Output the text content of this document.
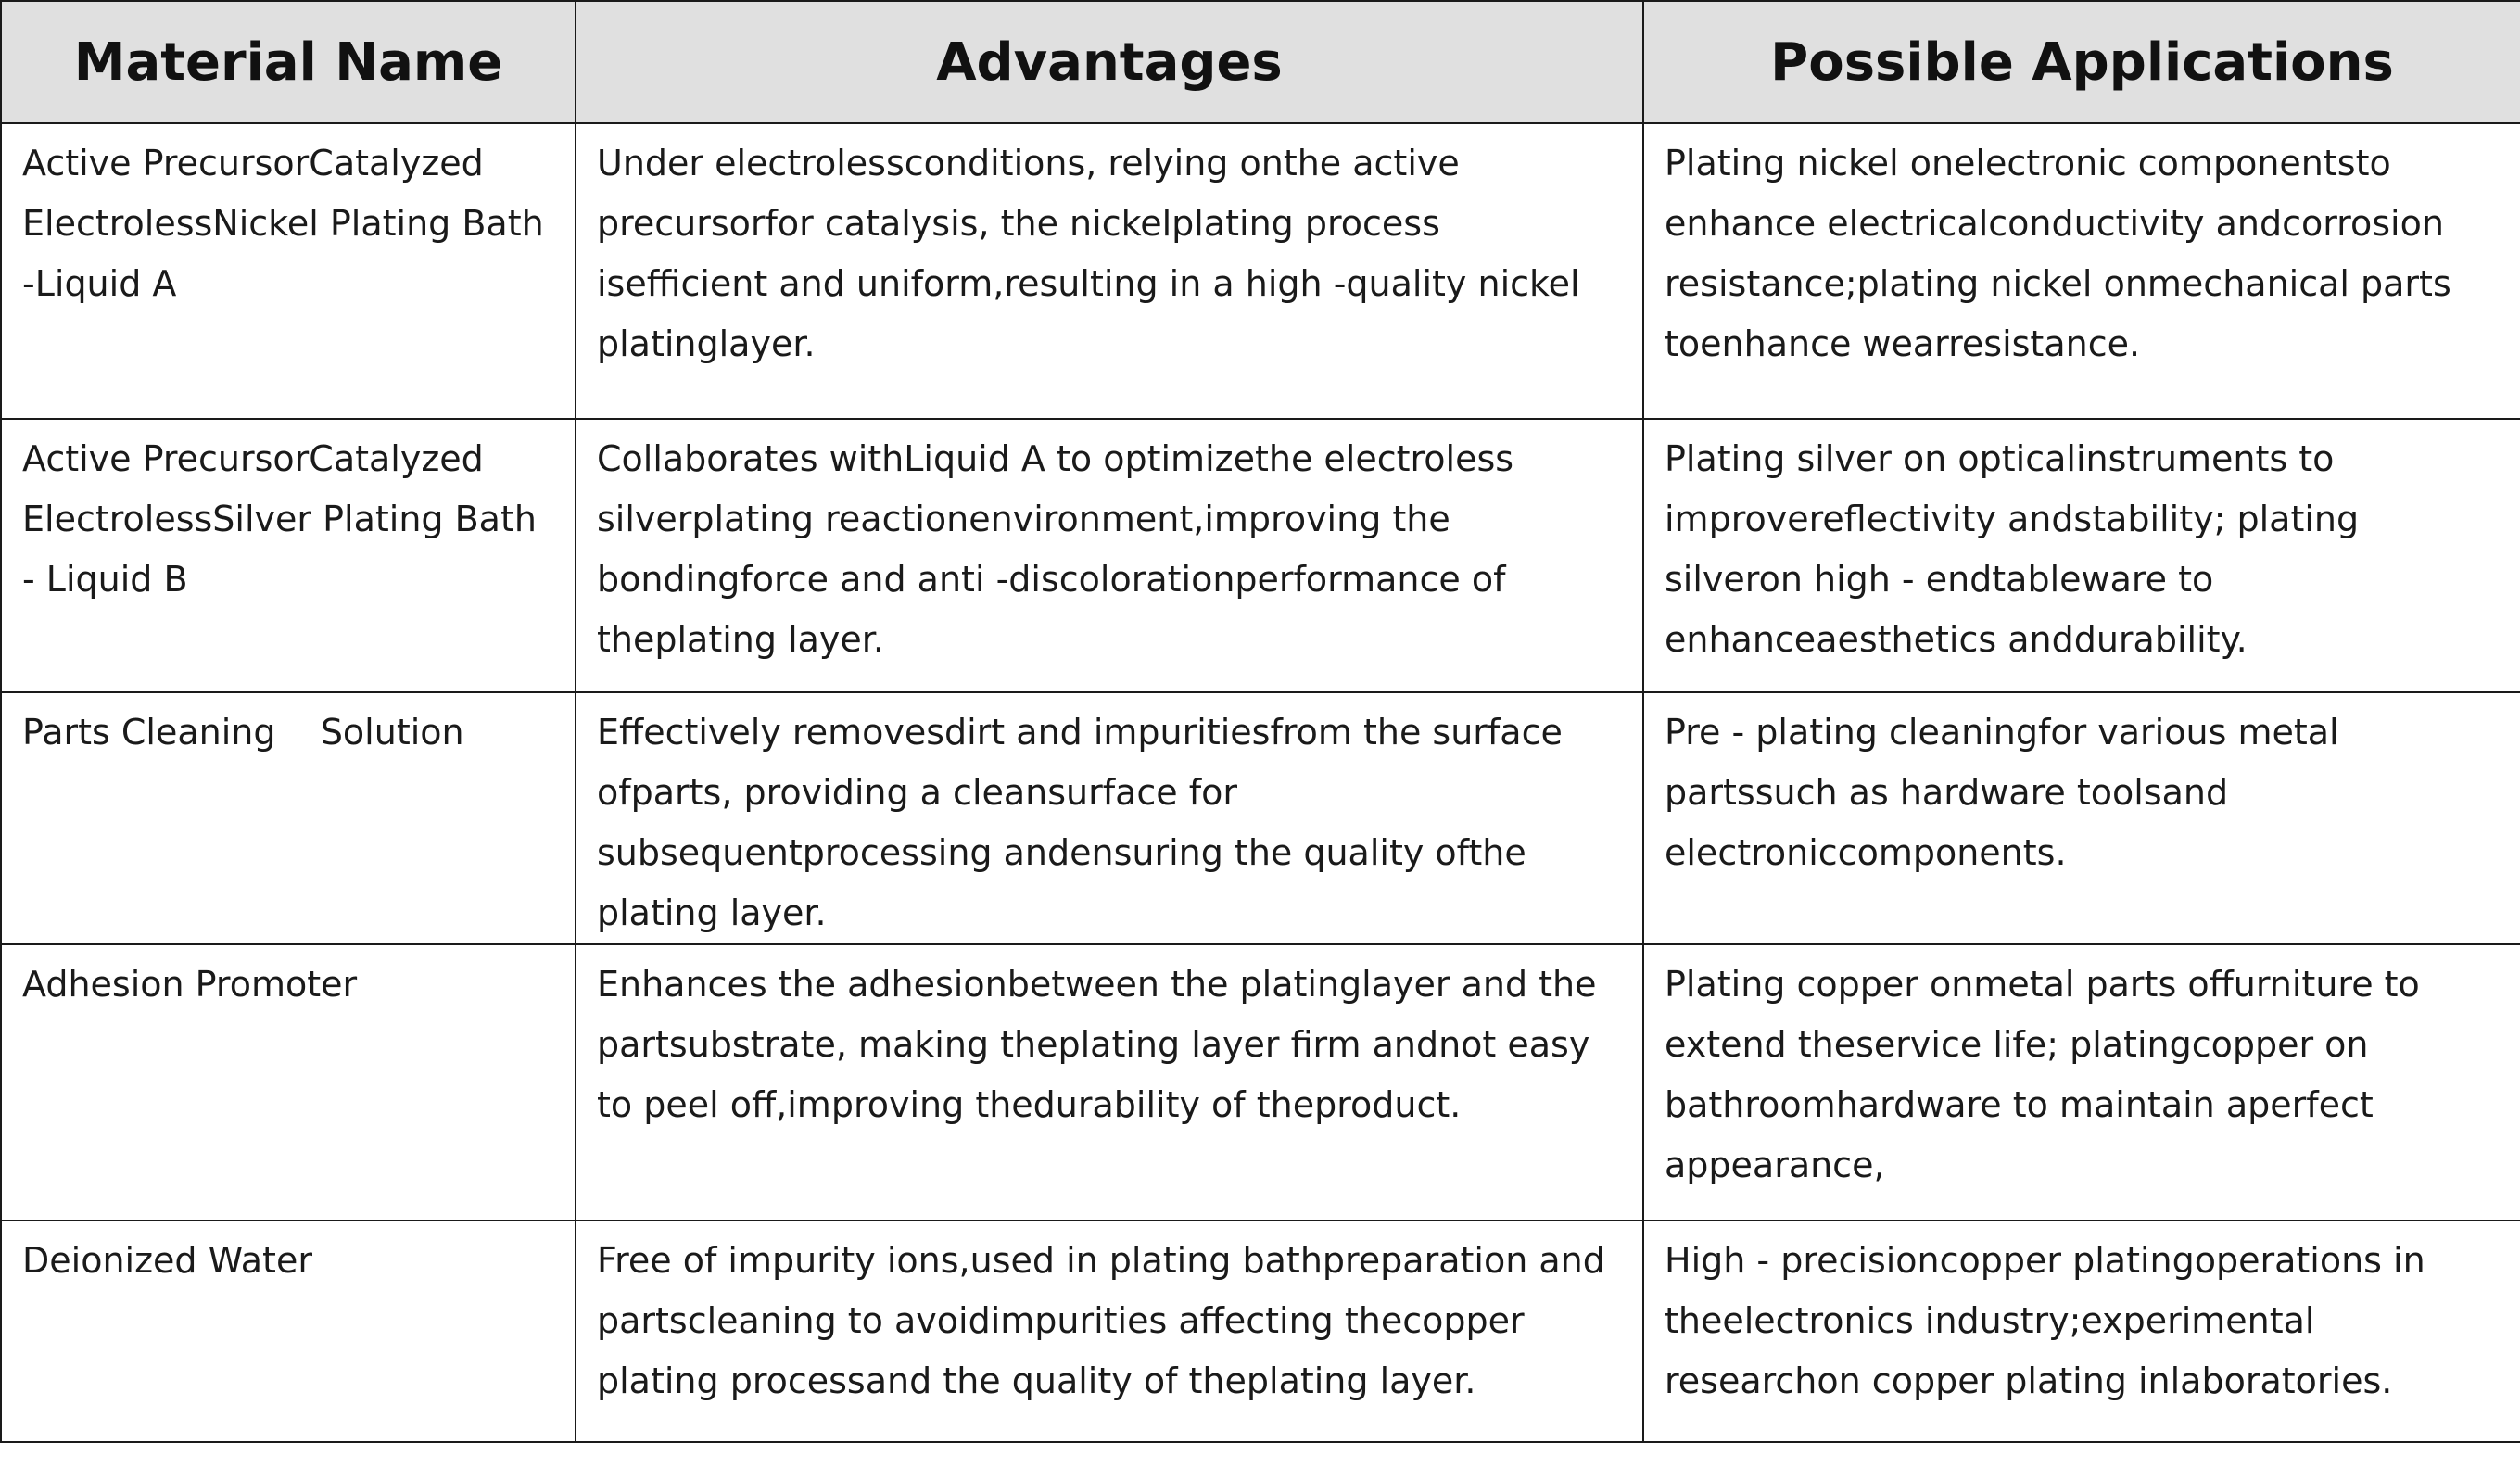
Material Name	Advantages	Possible Applications
Active PrecursorCatalyzed ElectrolessNickel Plating Bath -Liquid A	Under electrolessconditions, relying onthe active precursorfor catalysis, the nickelplating process isefficient and uniform,resulting in a high -quality nickel platinglayer.	Plating nickel onelectronic componentsto enhance electricalconductivity andcorrosion resistance;plating nickel onmechanical parts toenhance wearresistance.
Active PrecursorCatalyzed ElectrolessSilver Plating Bath - Liquid B	Collaborates withLiquid A to optimizethe electroless silverplating reactionenvironment,improving the bondingforce and anti -discolorationperformance of theplating layer.	Plating silver on opticalinstruments to improvereflectivity andstability; plating silveron high - endtableware to enhanceaesthetics anddurability.
Parts Cleaning    Solution	Effectively removesdirt and impuritiesfrom the surface ofparts, providing a cleansurface for subsequentprocessing andensuring the quality ofthe plating layer.	Pre - plating cleaningfor various metal partssuch as hardware toolsand electroniccomponents.
Adhesion Promoter	Enhances the adhesionbetween the platinglayer and the partsubstrate, making theplating layer firm andnot easy to peel off,improving thedurability of theproduct.	Plating copper onmetal parts offurniture to extend theservice life; platingcopper on bathroomhardware to maintain aperfect appearance,
Deionized Water	Free of impurity ions,used in plating bathpreparation and partscleaning to avoidimpurities affecting thecopper plating processand the quality of theplating layer.	High - precisioncopper platingoperations in theelectronics industry;experimental researchon copper plating inlaboratories.
